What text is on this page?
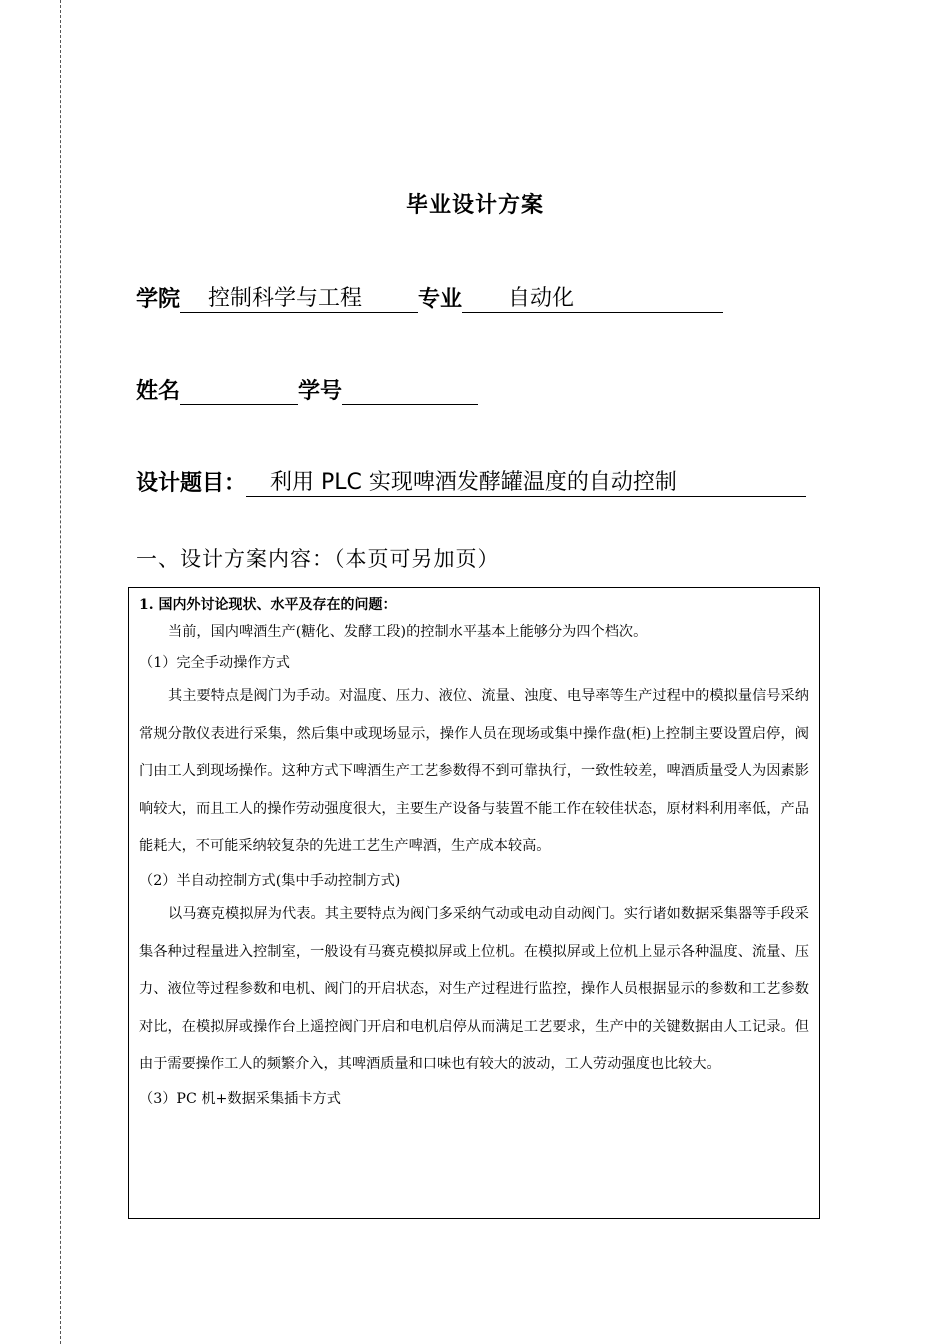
毕业设计方案
学院	控制科学与工程	专业	自动化
姓名	学号
设计题目：	利用 PLC 实现啤酒发酵罐温度的自动控制
一、设计方案内容：（本页可另加页）
1. 国内外讨论现状、水平及存在的问题：

当前，国内啤酒生产(糖化、发酵工段)的控制水平基本上能够分为四个档次。

（1）完全手动操作方式

其主要特点是阀门为手动。对温度、压力、液位、流量、浊度、电导率等生产过程中的模拟量信号采纳常规分散仪表进行采集，然后集中或现场显示，操作人员在现场或集中操作盘(柜)上控制主要设置启停，阀门由工人到现场操作。这种方式下啤酒生产工艺参数得不到可靠执行，一致性较差，啤酒质量受人为因素影响较大，而且工人的操作劳动强度很大，主要生产设备与装置不能工作在较佳状态，原材料利用率低，产品能耗大，不可能采纳较复杂的先进工艺生产啤酒，生产成本较高。

（2）半自动控制方式(集中手动控制方式)

以马赛克模拟屏为代表。其主要特点为阀门多采纳气动或电动自动阀门。实行诸如数据采集器等手段采集各种过程量进入控制室，一般设有马赛克模拟屏或上位机。在模拟屏或上位机上显示各种温度、流量、压力、液位等过程参数和电机、阀门的开启状态，对生产过程进行监控，操作人员根据显示的参数和工艺参数对比，在模拟屏或操作台上遥控阀门开启和电机启停从而满足工艺要求，生产中的关键数据由人工记录。但由于需要操作工人的频繁介入，其啤酒质量和口味也有较大的波动，工人劳动强度也比较大。

（3）PC 机+数据采集插卡方式
